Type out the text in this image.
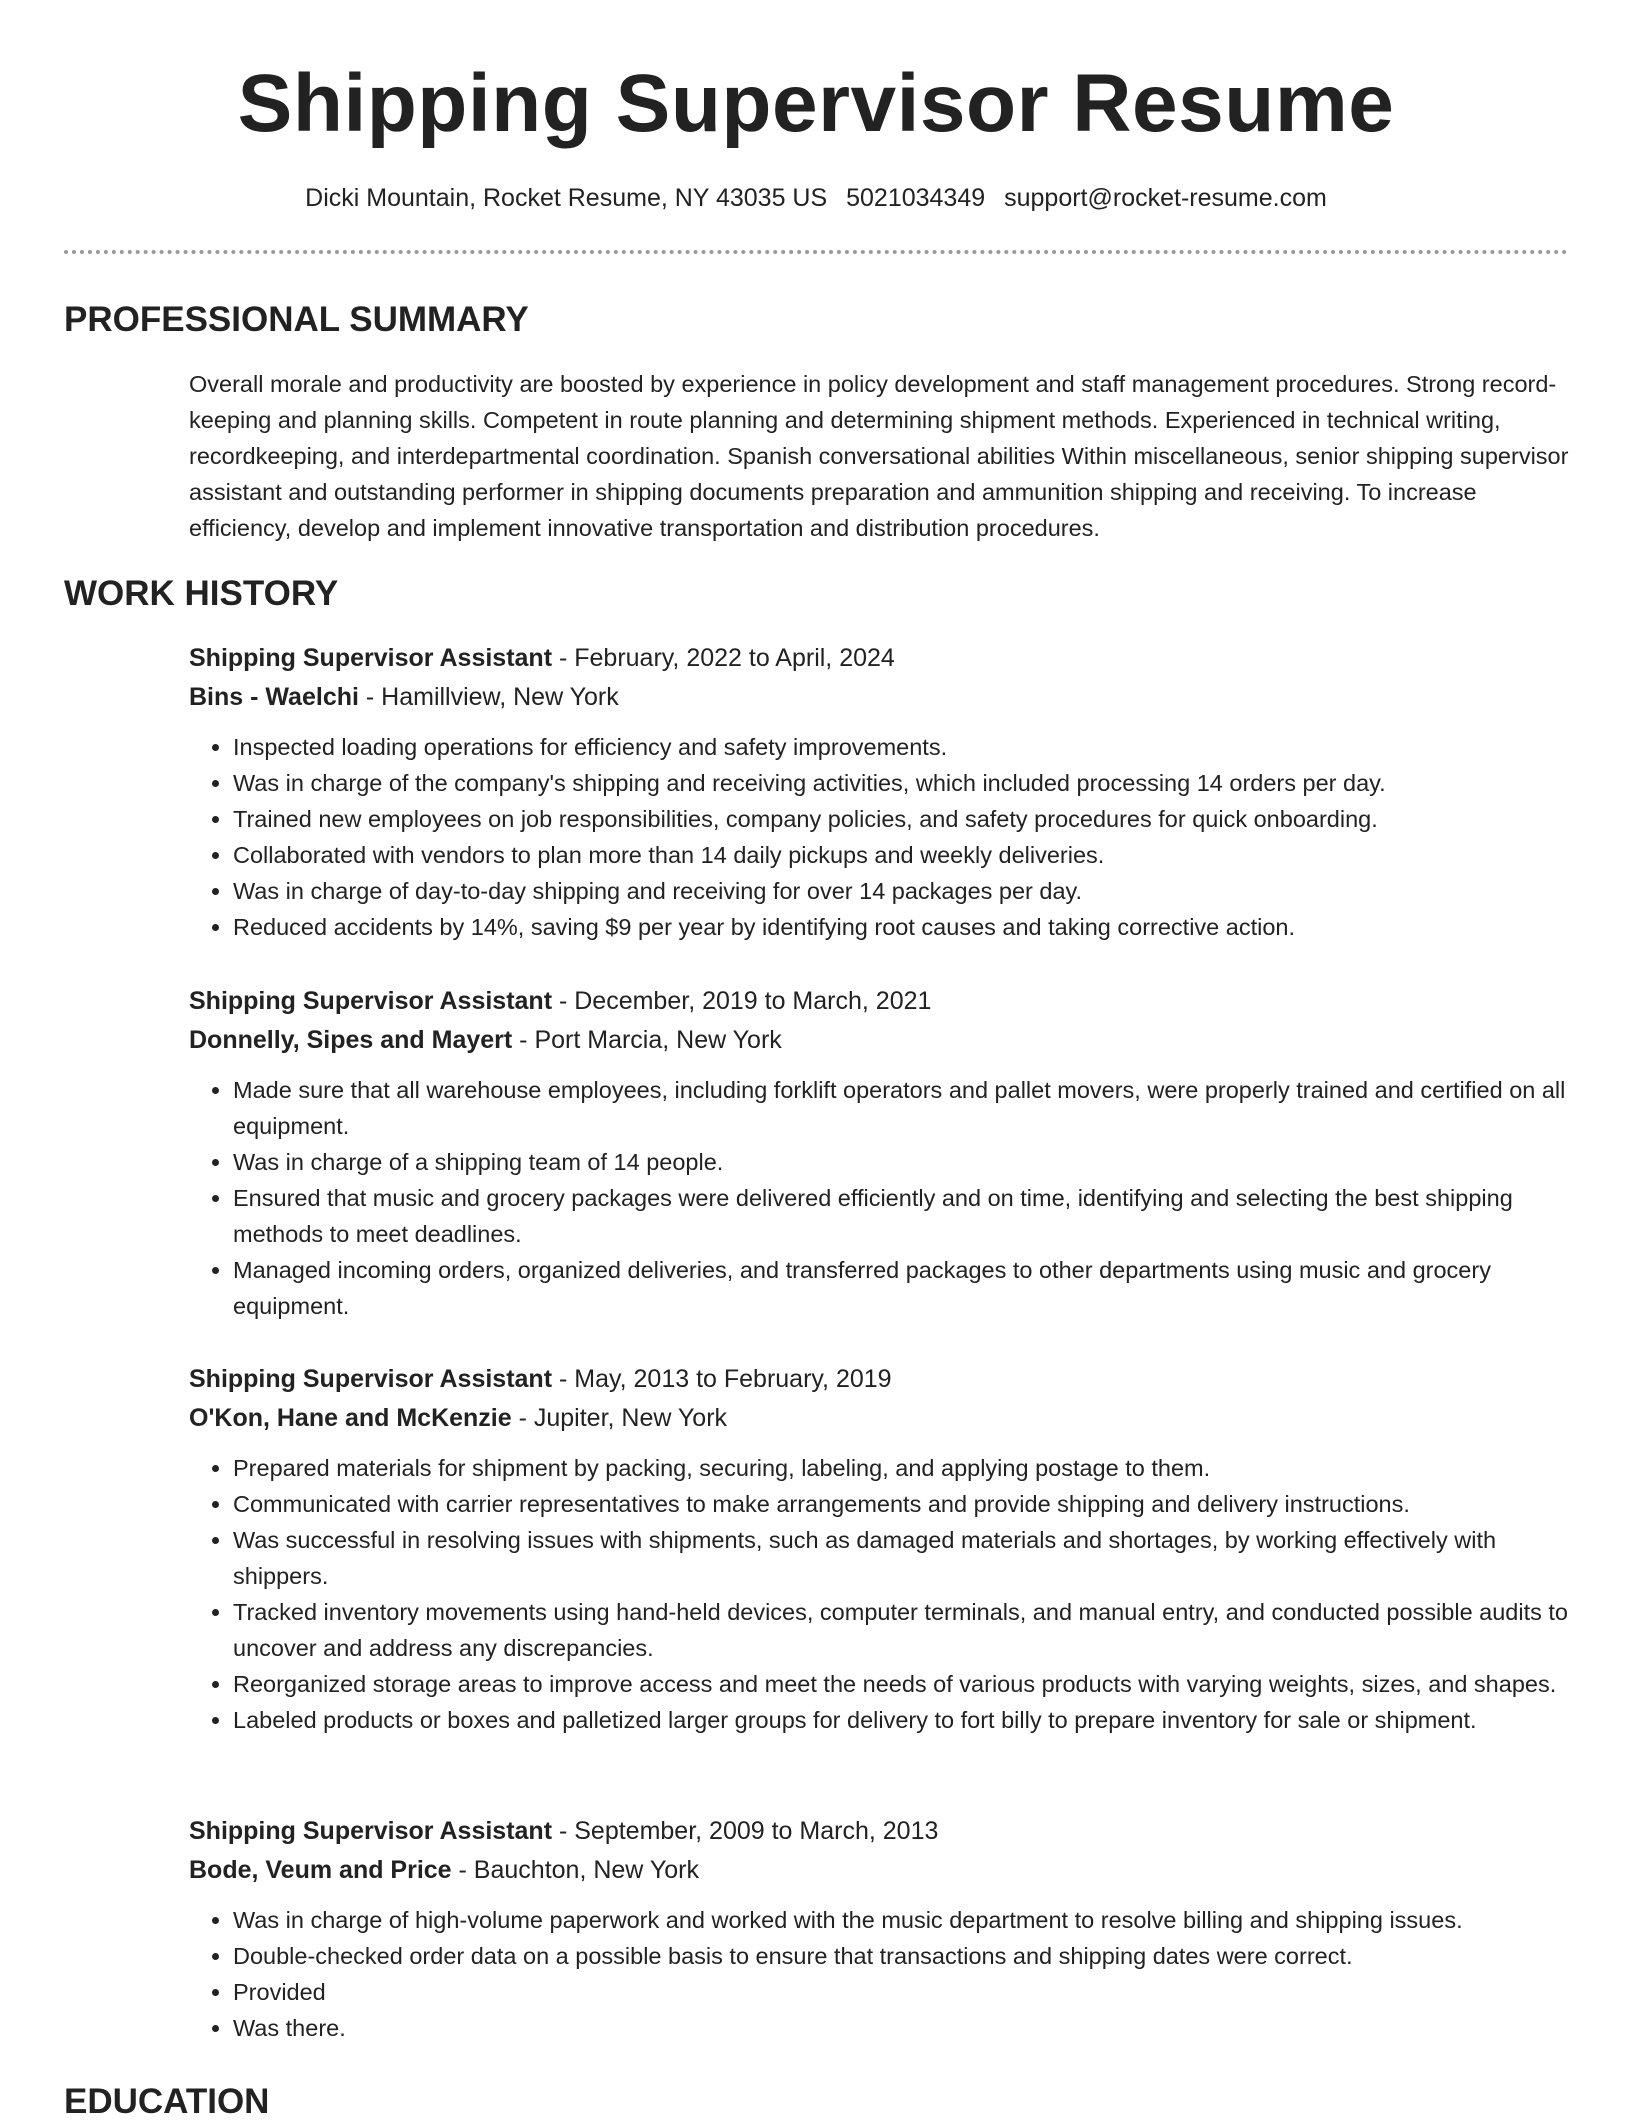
Shipping Supervisor Resume
Dicki Mountain, Rocket Resume, NY 43035 US 5021034349 support@rocket-resume.com
PROFESSIONAL SUMMARY

Overall morale and productivity are boosted by experience in policy development and staff management procedures. Strong record-keeping and planning skills. Competent in route planning and determining shipment methods. Experienced in technical writing, recordkeeping, and interdepartmental coordination. Spanish conversational abilities Within miscellaneous, senior shipping supervisor assistant and outstanding performer in shipping documents preparation and ammunition shipping and receiving. To increase efficiency, develop and implement innovative transportation and distribution procedures.

WORK HISTORY

Shipping Supervisor Assistant - February, 2022 to April, 2024

Bins - Waelchi - Hamillview, New York

• Inspected loading operations for efficiency and safety improvements.
• Was in charge of the company's shipping and receiving activities, which included processing 14 orders per day.
• Trained new employees on job responsibilities, company policies, and safety procedures for quick onboarding.
• Collaborated with vendors to plan more than 14 daily pickups and weekly deliveries.
• Was in charge of day-to-day shipping and receiving for over 14 packages per day.
• Reduced accidents by 14%, saving $9 per year by identifying root causes and taking corrective action.

Shipping Supervisor Assistant - December, 2019 to March, 2021

Donnelly, Sipes and Mayert - Port Marcia, New York

• Made sure that all warehouse employees, including forklift operators and pallet movers, were properly trained and certified on all equipment.
• Was in charge of a shipping team of 14 people.
• Ensured that music and grocery packages were delivered efficiently and on time, identifying and selecting the best shipping methods to meet deadlines.
• Managed incoming orders, organized deliveries, and transferred packages to other departments using music and grocery equipment.

Shipping Supervisor Assistant - May, 2013 to February, 2019

O'Kon, Hane and McKenzie - Jupiter, New York

• Prepared materials for shipment by packing, securing, labeling, and applying postage to them.
• Communicated with carrier representatives to make arrangements and provide shipping and delivery instructions.
• Was successful in resolving issues with shipments, such as damaged materials and shortages, by working effectively with shippers.
• Tracked inventory movements using hand-held devices, computer terminals, and manual entry, and conducted possible audits to uncover and address any discrepancies.
• Reorganized storage areas to improve access and meet the needs of various products with varying weights, sizes, and shapes.
• Labeled products or boxes and palletized larger groups for delivery to fort billy to prepare inventory for sale or shipment.

Shipping Supervisor Assistant - September, 2009 to March, 2013

Bode, Veum and Price - Bauchton, New York

• Was in charge of high-volume paperwork and worked with the music department to resolve billing and shipping issues.
• Double-checked order data on a possible basis to ensure that transactions and shipping dates were correct.
• Provided
• Was there.
EDUCATION
